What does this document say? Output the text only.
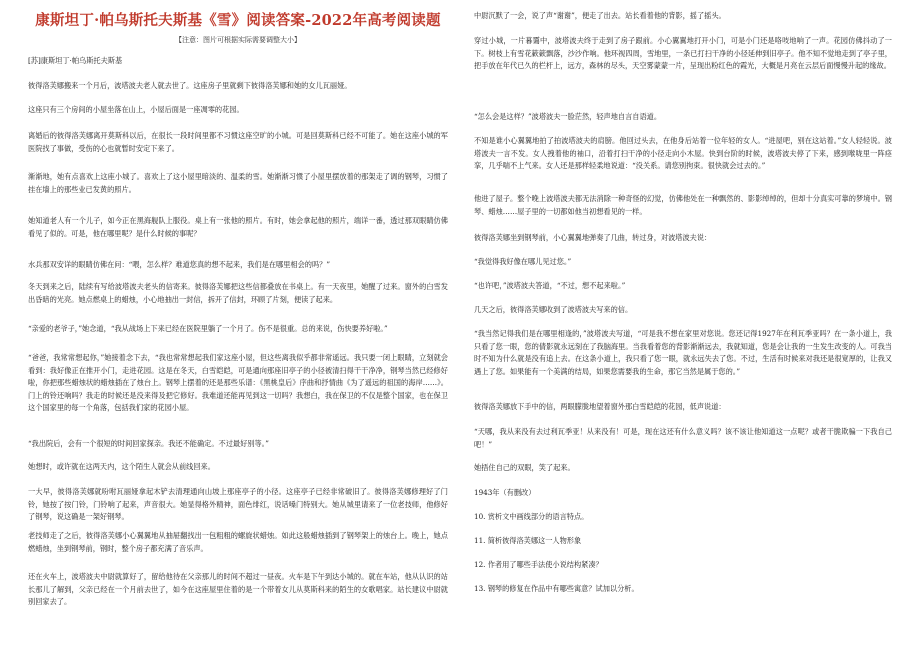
康斯坦丁·帕乌斯托夫斯基《雪》阅读答案-2022年高考阅读题
【注意：图片可根据实际需要调整大小】

[苏]康斯坦丁·帕乌斯托夫斯基

彼得洛芙娜搬来一个月后，波塔波夫老人就去世了。这座房子里就剩下彼得洛芙娜和她的女儿瓦丽娅。

这座只有三个房间的小屋坐落在山上，小屋后面是一座凋零的花园。

离婚后的彼得洛芙娜离开莫斯科以后，在很长一段时间里都不习惯这座空旷的小城。可是回莫斯科已经不可能了。她在这座小城的军医院找了事做，受伤的心也就暂时安定下来了。

渐渐地，她有点喜欢上这座小城了。喜欢上了这小屋里暗淡的、温柔的雪。她渐渐习惯了小屋里摆放着的那架走了调的钢琴，习惯了挂在墙上的那些业已发黄的照片。

她知道老人有一个儿子，如今正在黑海舰队上服役。桌上有一张他的照片。有时，她会拿起他的照片，端详一番，透过那双眼睛仿佛看见了似的。可是，他在哪里呢？是什么时候的事呢？

水兵那双安详的眼睛仿佛在问：“喂，怎么样？难道您真的想不起来，我们是在哪里相会的吗？”

冬天到来之后，陆续有写给波塔波夫老头的信寄来。彼得洛芙娜把这些信都叠放在书桌上。有一天夜里，她醒了过来。窗外的白雪发出昏暗的光亮。她点燃桌上的蜡烛，小心地抽出一封信，拆开了信封，环顾了片刻，便读了起来。

“亲爱的老爷子，”她念道，“我从战场上下来已经在医院里躺了一个月了。伤不是很重。总的来说，伤快要养好啦。”

“爸爸，我常常想起你，”她接着念下去，“我也常常想起我们家这座小屋，但这些离我似乎都非常遥远。我只要一闭上眼睛，立刻就会看到：我好像正在推开小门，走进花园。这是在冬天，白雪皑皑，可是通向那座旧亭子的小径被清扫得干干净净，钢琴当然已经修好啦，你把那些蜡烛状的蜡烛插在了烛台上。钢琴上摆着的还是那些乐谱：《黑桃皇后》序曲和抒情曲《为了遥远的祖国的海岸……》。门上的铃还响吗？我走的时候还是没来得及把它修好。我难道还能再见到这一切吗？我想白，我在保卫的不仅是整个国家，也在保卫这个国家里的每一个角落，包括我们家的花园小屋。

“我出院后，会有一个很短的时间回家探亲。我还不能确定。不过最好别等。”

她想时，或许就在这两天内，这个陌生人就会从前线回来。

一大早，彼得洛芙娜就吩咐瓦丽娅拿起木铲去清理通向山坡上那座亭子的小径。这座亭子已经非常破旧了。彼得洛芙娜修理好了门铃，她按了按门铃，门铃响了起来，声音很大。她显得格外精神，面色绯红，说话嗓门特别大。她从城里请来了一位老技师，他修好了钢琴，说这确是一架好钢琴。

老技师走了之后，彼得洛芙娜小心翼翼地从抽屉翻找出一包粗粗的螺旋状蜡烛。如此这般蜡烛插到了钢琴架上的烛台上。晚上，她点燃蜡烛，坐到钢琴前，钢时，整个房子都充满了音乐声。

还在火车上，波塔波夫中尉就算好了，留给他待在父亲那儿的时间不超过一昼夜。火车是下午到达小城的。就在车站，他从认识的站长那儿了解到，父亲已经在一个月前去世了，如今在这座屋里住着的是一个带着女儿从莫斯科来的陌生的女歌唱家。站长建议中尉就别回家去了。

中尉沉默了一会，说了声“谢谢”，便走了出去。站长看着他的背影，摇了摇头。

穿过小城，一片暮霭中，波塔波夫终于走到了房子跟前。小心翼翼地打开小门，可是小门还是咯吱地响了一声。花园仿佛抖动了一下。树枝上有雪花簌簌飘落，沙沙作响。他环视四周，雪地里，一条已打扫干净的小径延伸到旧亭子。他不知不觉地走到了亭子里，把手放在年代已久的栏杆上，远方，森林的尽头，天空雾蒙蒙一片，呈现出粉红色的霞光，大概是月亮在云层后面慢慢升起的缘故。

“怎么会是这样？”波塔波夫一脸茫然，轻声地自言自语道。

不知是谁小心翼翼地拍了拍波塔波夫的肩膀。他回过头去，在他身后站着一位年轻的女人。“进屋吧，别在这站着。”女人轻轻说。波塔波夫一言不发。女人拽着他的袖口，沿着打扫干净的小径走向小木屋。快到台阶的时候，波塔波夫停了下来，感到喉咙里一阵痉挛，几乎喘不上气来。女人还是那样轻柔地说道：“没关系。请您别拘束。很快就会过去的。”

他进了屋子。整个晚上波塔波夫都无法消除一种奇怪的幻觉，仿佛他处在一种飘然的、影影绰绰的，但却十分真实可靠的梦境中。钢琴、蜡烛……屋子里的一切都如他当初想看见的一样。

彼得洛芙娜坐到钢琴前，小心翼翼地弹奏了几曲，转过身，对波塔波夫说：

“我觉得我好像在哪儿见过您。”

“也许吧，”波塔波夫答道，“不过，想不起来啦。”

几天之后，彼得洛芙娜收到了波塔波夫写来的信。

“我当然记得我们是在哪里相逢的，”波塔波夫写道，“可是我不想在家里对您说。您还记得1927年在利瓦季亚吗？在一条小道上，我只看了您一眼，您的倩影就永远刻在了我脑海里。当我看着您的背影渐渐远去，我就知道，您是会让我的一生发生改变的人。可我当时不知为什么就是没有追上去。在这条小道上，我只看了您一眼，就永远失去了您。不过，生活有时候来对我还是很宽厚的，让我又遇上了您。如果能有一个美满的结局，如果您需要我的生命，那它当然是属于您的。”

彼得洛芙娜放下手中的信，两眼朦胧地望着窗外那白雪皑皑的花园，低声说道：

“天哪，我从来没有去过利瓦季亚！从来没有！可是，现在这还有什么意义吗？该不该让他知道这一点呢？或者干脆欺骗一下我自己吧！”

她捂住自己的双眼，笑了起来。

1943年（有删改）

10. 赏析文中画线部分的语言特点。

11. 简析彼得洛芙娜这一人物形象

12. 作者用了哪些手法使小说结构紧凑？

13. 钢琴的修复在作品中有哪些寓意？试加以分析。
